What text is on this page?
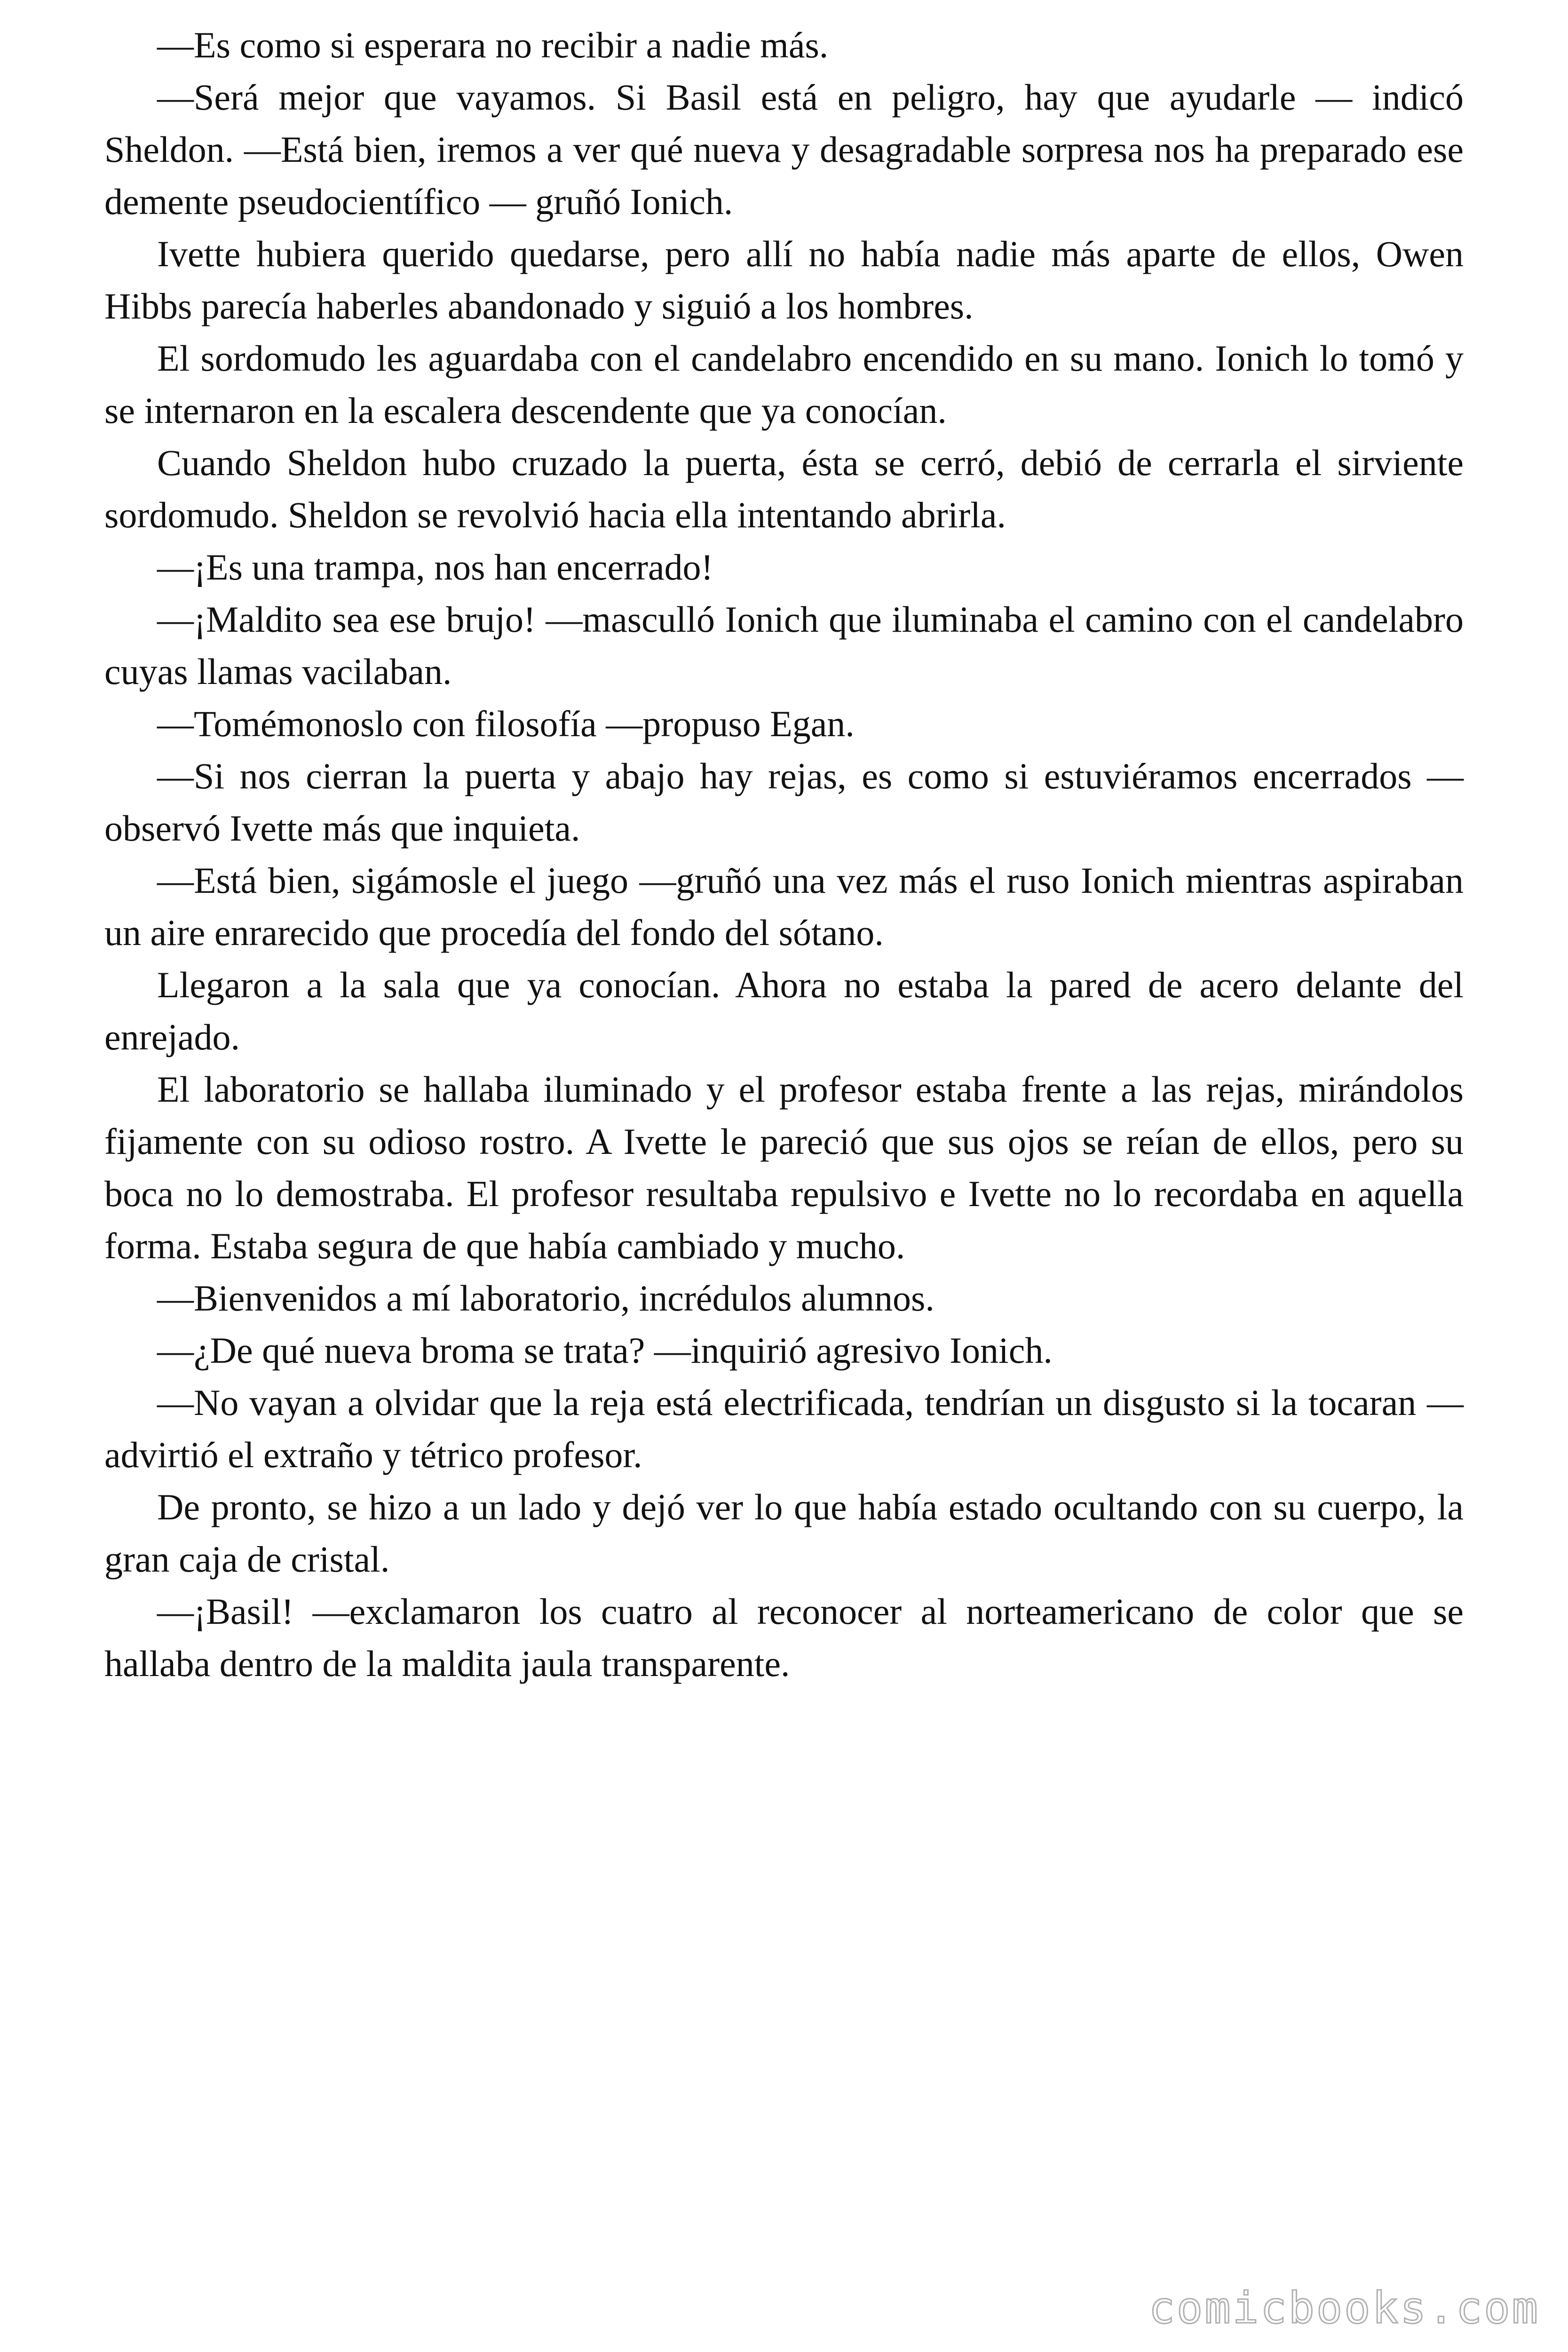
—Es como si esperara no recibir a nadie más.

—Será mejor que vayamos. Si Basil está en peligro, hay que ayudarle — indicó Sheldon. —Está bien, iremos a ver qué nueva y desagradable sorpresa nos ha preparado ese demente pseudocientífico — gruñó Ionich.

Ivette hubiera querido quedarse, pero allí no había nadie más aparte de ellos, Owen Hibbs parecía haberles abandonado y siguió a los hombres.

El sordomudo les aguardaba con el candelabro encendido en su mano. Ionich lo tomó y se internaron en la escalera descendente que ya conocían.

Cuando Sheldon hubo cruzado la puerta, ésta se cerró, debió de cerrarla el sirviente sordomudo. Sheldon se revolvió hacia ella intentando abrirla.

—¡Es una trampa, nos han encerrado!

—¡Maldito sea ese brujo! —masculló Ionich que iluminaba el camino con el candelabro cuyas llamas vacilaban.

—Tomémonoslo con filosofía —propuso Egan.

—Si nos cierran la puerta y abajo hay rejas, es como si estuviéramos encerrados —observó Ivette más que inquieta.

—Está bien, sigámosle el juego —gruñó una vez más el ruso Ionich mientras aspiraban un aire enrarecido que procedía del fondo del sótano.

Llegaron a la sala que ya conocían. Ahora no estaba la pared de acero delante del enrejado.

El laboratorio se hallaba iluminado y el profesor estaba frente a las rejas, mirándolos fijamente con su odioso rostro. A Ivette le pareció que sus ojos se reían de ellos, pero su boca no lo demostraba. El profesor resultaba repulsivo e Ivette no lo recordaba en aquella forma. Estaba segura de que había cambiado y mucho.

—Bienvenidos a mí laboratorio, incrédulos alumnos.

—¿De qué nueva broma se trata? —inquirió agresivo Ionich.

—No vayan a olvidar que la reja está electrificada, tendrían un disgusto si la tocaran —advirtió el extraño y tétrico profesor.

De pronto, se hizo a un lado y dejó ver lo que había estado ocultando con su cuerpo, la gran caja de cristal.

—¡Basil! —exclamaron los cuatro al reconocer al norteamericano de color que se hallaba dentro de la maldita jaula transparente.

comicbooks.com
